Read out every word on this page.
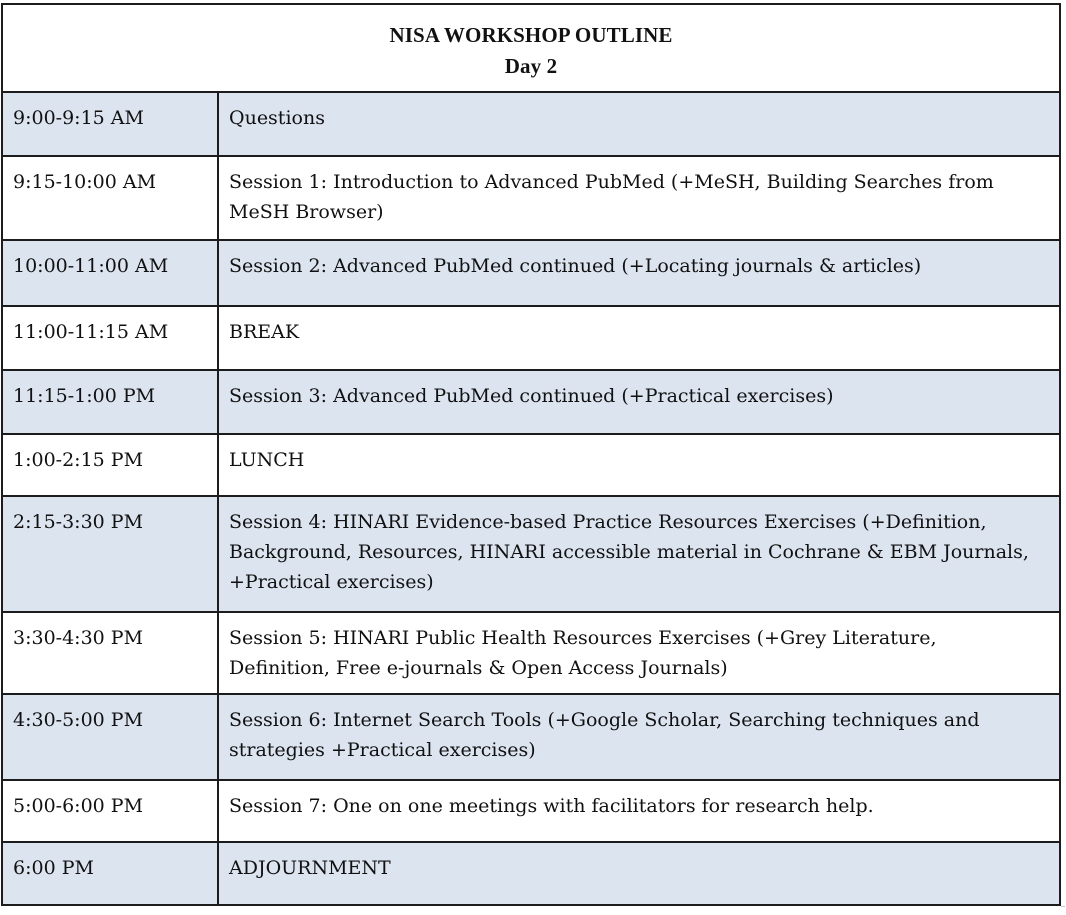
NISA WORKSHOP OUTLINE
Day 2
9:00-9:15 AM	Questions
9:15-10:00 AM	Session 1: Introduction to Advanced PubMed (+MeSH, Building Searches from MeSH Browser)
10:00-11:00 AM	Session 2: Advanced PubMed continued (+Locating journals & articles)
11:00-11:15 AM	BREAK
11:15-1:00 PM	Session 3: Advanced PubMed continued (+Practical exercises)
1:00-2:15 PM	LUNCH
2:15-3:30 PM	Session 4: HINARI Evidence-based Practice Resources Exercises (+Definition, Background, Resources, HINARI accessible material in Cochrane & EBM Journals, +Practical exercises)
3:30-4:30 PM	Session 5: HINARI Public Health Resources Exercises (+Grey Literature, Definition, Free e-journals & Open Access Journals)
4:30-5:00 PM	Session 6: Internet Search Tools (+Google Scholar, Searching techniques and strategies +Practical exercises)
5:00-6:00 PM	Session 7: One on one meetings with facilitators for research help.
6:00 PM	ADJOURNMENT
